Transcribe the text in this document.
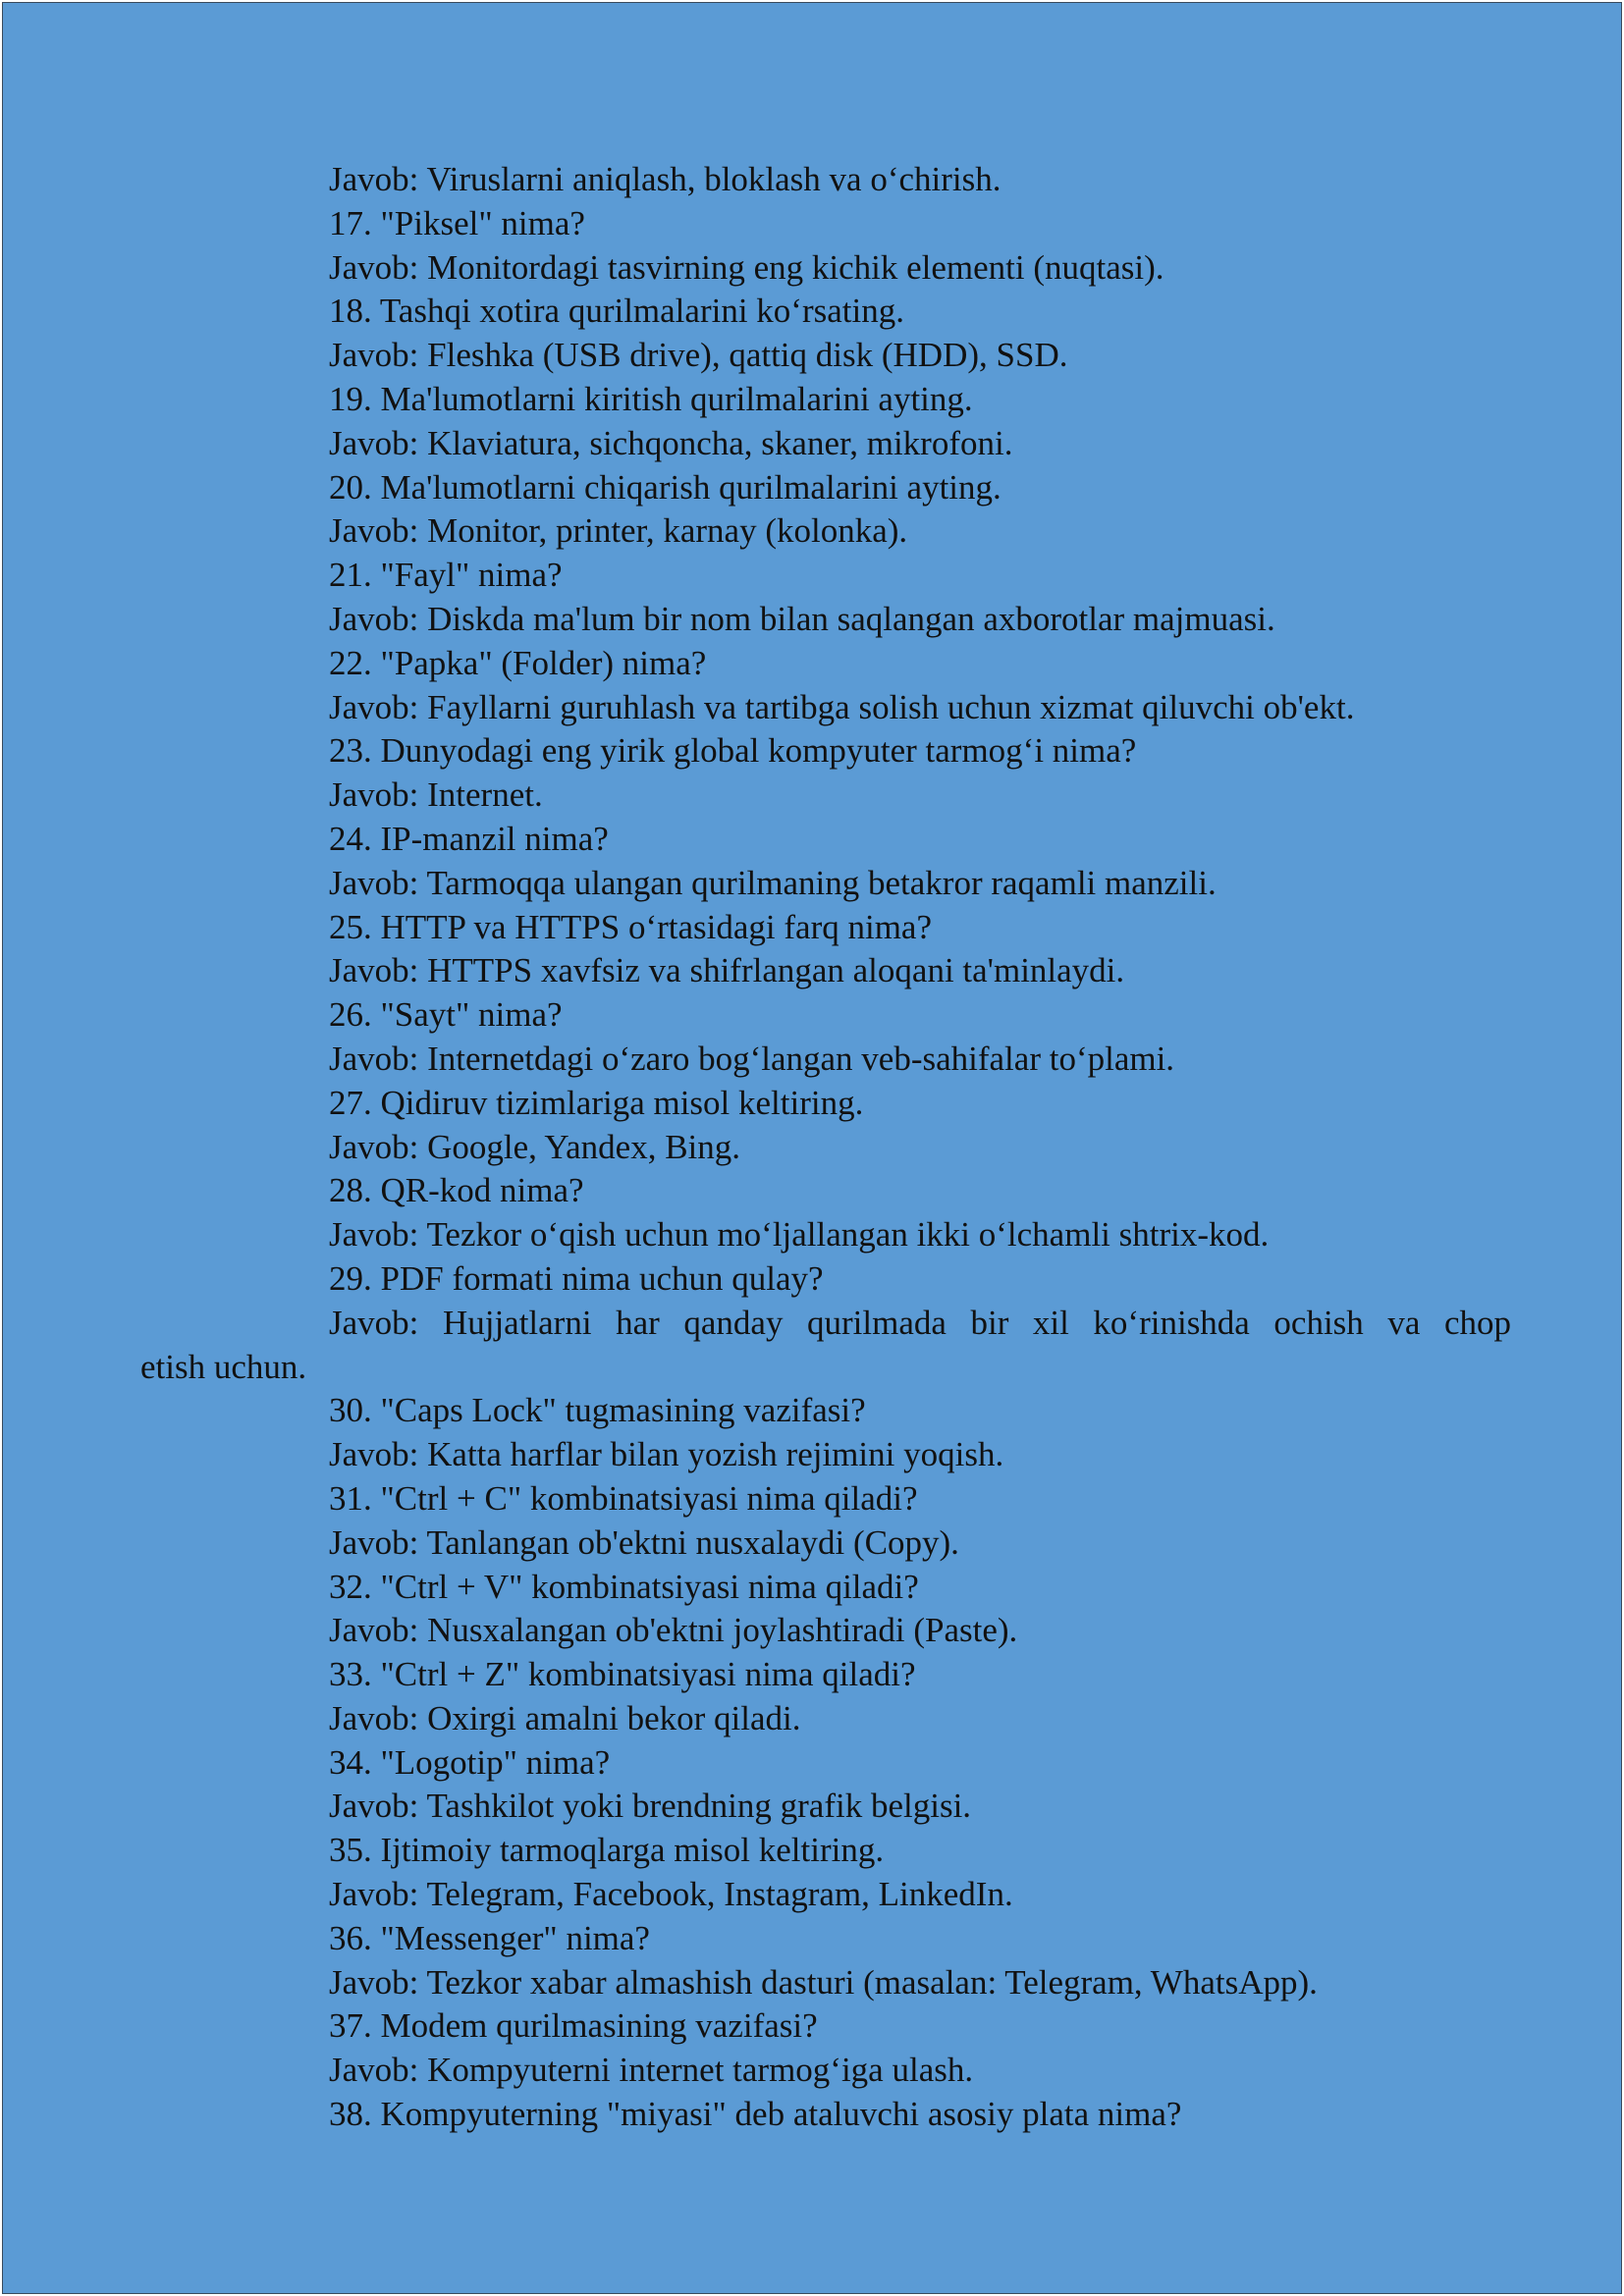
Javob: Viruslarni aniqlash, bloklash va o‘chirish.

17. "Piksel" nima?

Javob: Monitordagi tasvirning eng kichik elementi (nuqtasi).

18. Tashqi xotira qurilmalarini ko‘rsating.

Javob: Fleshka (USB drive), qattiq disk (HDD), SSD.

19. Ma'lumotlarni kiritish qurilmalarini ayting.

Javob: Klaviatura, sichqoncha, skaner, mikrofoni.

20. Ma'lumotlarni chiqarish qurilmalarini ayting.

Javob: Monitor, printer, karnay (kolonka).

21. "Fayl" nima?

Javob: Diskda ma'lum bir nom bilan saqlangan axborotlar majmuasi.

22. "Papka" (Folder) nima?

Javob: Fayllarni guruhlash va tartibga solish uchun xizmat qiluvchi ob'ekt.

23. Dunyodagi eng yirik global kompyuter tarmog‘i nima?

Javob: Internet.

24. IP-manzil nima?

Javob: Tarmoqqa ulangan qurilmaning betakror raqamli manzili.

25. HTTP va HTTPS o‘rtasidagi farq nima?

Javob: HTTPS xavfsiz va shifrlangan aloqani ta'minlaydi.

26. "Sayt" nima?

Javob: Internetdagi o‘zaro bog‘langan veb-sahifalar to‘plami.

27. Qidiruv tizimlariga misol keltiring.

Javob: Google, Yandex, Bing.

28. QR-kod nima?

Javob: Tezkor o‘qish uchun mo‘ljallangan ikki o‘lchamli shtrix-kod.

29. PDF formati nima uchun qulay?

Javob: Hujjatlarni har qanday qurilmada bir xil ko‘rinishda ochish va chop

etish uchun.

30. "Caps Lock" tugmasining vazifasi?

Javob: Katta harflar bilan yozish rejimini yoqish.

31. "Ctrl + C" kombinatsiyasi nima qiladi?

Javob: Tanlangan ob'ektni nusxalaydi (Copy).

32. "Ctrl + V" kombinatsiyasi nima qiladi?

Javob: Nusxalangan ob'ektni joylashtiradi (Paste).

33. "Ctrl + Z" kombinatsiyasi nima qiladi?

Javob: Oxirgi amalni bekor qiladi.

34. "Logotip" nima?

Javob: Tashkilot yoki brendning grafik belgisi.

35. Ijtimoiy tarmoqlarga misol keltiring.

Javob: Telegram, Facebook, Instagram, LinkedIn.

36. "Messenger" nima?

Javob: Tezkor xabar almashish dasturi (masalan: Telegram, WhatsApp).

37. Modem qurilmasining vazifasi?

Javob: Kompyuterni internet tarmog‘iga ulash.

38. Kompyuterning "miyasi" deb ataluvchi asosiy plata nima?
